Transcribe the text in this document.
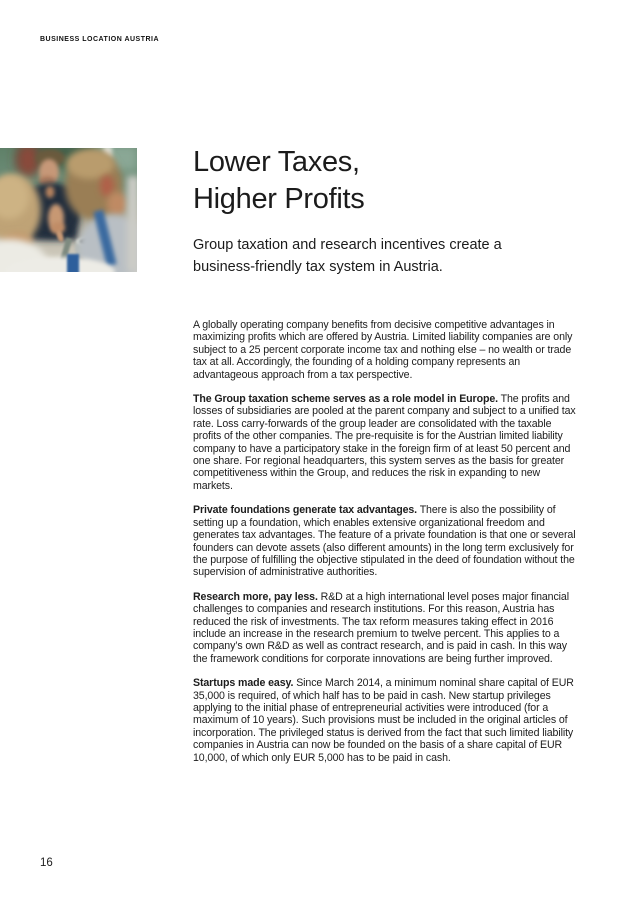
BUSINESS LOCATION AUSTRIA
Lower Taxes,
Higher Profits

Group taxation and research incentives create a business-friendly tax system in Austria.

A globally operating company benefits from decisive competitive advantages in maximizing profits which are offered by Austria. Limited liability companies are only subject to a 25 percent corporate income tax and nothing else – no wealth or trade tax at all. Accordingly, the founding of a holding company represents an advantageous approach from a tax perspective.

The Group taxation scheme serves as a role model in Europe. The profits and losses of subsidiaries are pooled at the parent company and subject to a unified tax rate. Loss carry-forwards of the group leader are consolidated with the taxable profits of the other companies. The pre-requisite is for the Austrian limited liability company to have a participatory stake in the foreign firm of at least 50 percent and one share. For regional headquarters, this system serves as the basis for greater competitiveness within the Group, and reduces the risk in expanding to new markets.

Private foundations generate tax advantages. There is also the possibility of setting up a foundation, which enables extensive organizational freedom and generates tax advantages. The feature of a private foundation is that one or several founders can devote assets (also different amounts) in the long term exclusively for the purpose of fulfilling the objective stipulated in the deed of foundation without the supervision of administrative authorities.

Research more, pay less. R&D at a high international level poses major financial challenges to companies and research institutions. For this reason, Austria has reduced the risk of investments. The tax reform measures taking effect in 2016 include an increase in the research premium to twelve percent. This applies to a company’s own R&D as well as contract research, and is paid in cash. In this way the framework conditions for corporate innovations are being further improved.

Startups made easy. Since March 2014, a minimum nominal share capital of EUR 35,000 is required, of which half has to be paid in cash. New startup privileges applying to the initial phase of entrepreneurial activities were introduced (for a maximum of 10 years). Such provisions must be included in the original articles of incorporation. The privileged status is derived from the fact that such limited liability companies in Austria can now be founded on the basis of a share capital of EUR 10,000, of which only EUR 5,000 has to be paid in cash.

16
